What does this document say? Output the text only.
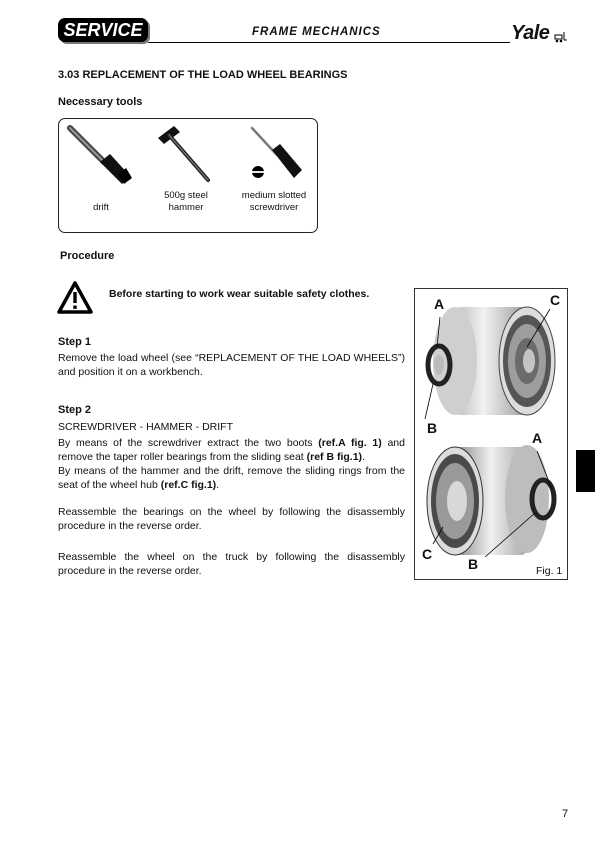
SERVICE	FRAME MECHANICS	Yale
3.03 REPLACEMENT OF THE LOAD WHEEL BEARINGS
Necessary tools
drift
500g steel
hammer
medium slotted
screwdriver
Procedure
Before starting to work wear suitable safety clothes.
Step 1
Remove the load wheel (see “REPLACEMENT OF THE LOAD WHEELS”) and position it on a workbench.
Step 2
SCREWDRIVER - HAMMER - DRIFT
By means of the screwdriver extract the two boots (ref.A fig. 1) and remove the taper roller bearings from the sliding seat (ref B fig.1).
By means of the hammer and the drift, remove the sliding rings from the seat of the wheel hub (ref.C fig.1).
Reassemble the bearings on the wheel by following the disassembly procedure in the reverse order.
Reassemble the wheel on the truck by following the disassembly procedure in the reverse order.
A	C
B
A
C
B	Fig. 1
7
